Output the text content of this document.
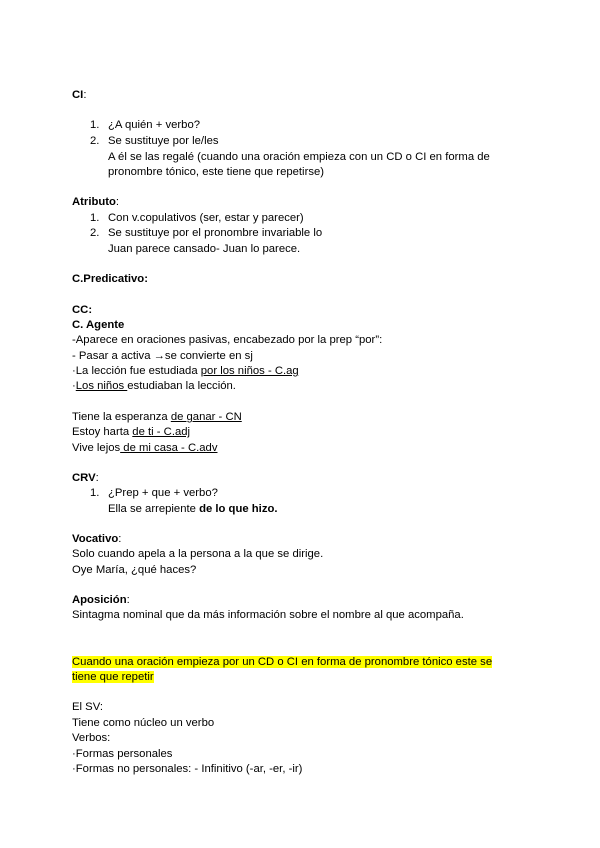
CI:
1. ¿A quién + verbo?
2. Se sustituye por le/les
A él se las regalé (cuando una oración empieza con un CD o CI en forma de
pronombre tónico, este tiene que repetirse)
Atributo:
1. Con v.copulativos (ser, estar y parecer)
2. Se sustituye por el pronombre invariable lo
Juan parece cansado- Juan lo parece.
C.Predicativo:
CC:
C. Agente
-Aparece en oraciones pasivas, encabezado por la prep “por”:
- Pasar a activa →se convierte en sj
·La lección fue estudiada por los niños - C.ag
·Los niños estudiaban la lección.
Tiene la esperanza de ganar - CN
Estoy harta de ti - C.adj
Vive lejos de mi casa - C.adv
CRV:
1. ¿Prep + que + verbo?
Ella se arrepiente de lo que hizo.
Vocativo:
Solo cuando apela a la persona a la que se dirige.
Oye María, ¿qué haces?
Aposición:
Sintagma nominal que da más información sobre el nombre al que acompaña.
Cuando una oración empieza por un CD o CI en forma de pronombre tónico este se
tiene que repetir
El SV:
Tiene como núcleo un verbo
Verbos:
·Formas personales
·Formas no personales: - Infinitivo (-ar, -er, -ir)
